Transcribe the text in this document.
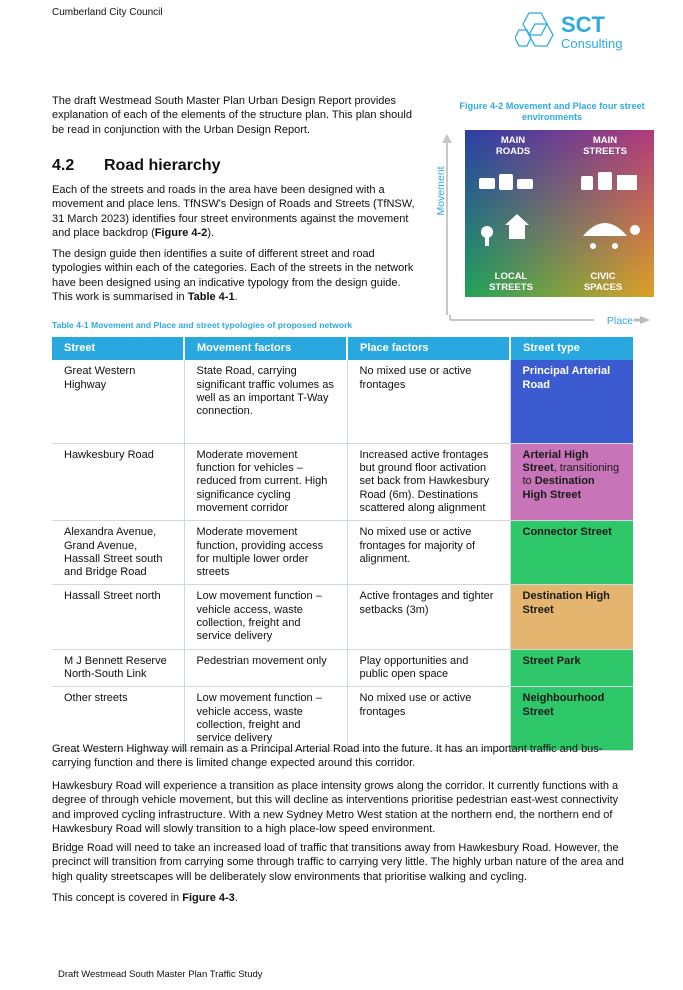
Cumberland City Council	SCT
Consulting

The draft Westmead South Master Plan Urban Design Report provides explanation of each of the elements of the structure plan. This plan should be read in conjunction with the Urban Design Report.

4.2 Road hierarchy

Each of the streets and roads in the area have been designed with a movement and place lens. TfNSW's Design of Roads and Streets (TfNSW, 31 March 2023) identifies four street environments against the movement and place backdrop (Figure 4-2).

The design guide then identifies a suite of different street and road typologies within each of the categories. Each of the streets in the network have been designed using an indicative typology from the design guide. This work is summarised in Table 4-1.

Figure 4-2 Movement and Place four street environments
Movement
Place
MAIN
ROADS
MAIN
STREETS
LOCAL
STREETS
CIVIC
SPACES
Table 4-1 Movement and Place and street typologies of proposed network
Street	Movement factors	Place factors	Street type
Great Western Highway	State Road, carrying significant traffic volumes as well as an important T-Way connection.	No mixed use or active frontages	Principal Arterial Road
Hawkesbury Road	Moderate movement function for vehicles – reduced from current. High significance cycling movement corridor	Increased active frontages but ground floor activation set back from Hawkesbury Road (6m). Destinations scattered along alignment	Arterial High Street, transitioning to Destination High Street
Alexandra Avenue, Grand Avenue, Hassall Street south and Bridge Road	Moderate movement function, providing access for multiple lower order streets	No mixed use or active frontages for majority of alignment.	Connector Street
Hassall Street north	Low movement function – vehicle access, waste collection, freight and service delivery	Active frontages and tighter setbacks (3m)	Destination High Street
M J Bennett Reserve North-South Link	Pedestrian movement only	Play opportunities and public open space	Street Park
Other streets	Low movement function – vehicle access, waste collection, freight and service delivery	No mixed use or active frontages	Neighbourhood Street

Great Western Highway will remain as a Principal Arterial Road into the future. It has an important traffic and bus-carrying function and there is limited change expected around this corridor.

Hawkesbury Road will experience a transition as place intensity grows along the corridor. It currently functions with a degree of through vehicle movement, but this will decline as interventions prioritise pedestrian east-west connectivity and improved cycling infrastructure. With a new Sydney Metro West station at the northern end, the northern end of Hawkesbury Road will slowly transition to a high place-low speed environment.

Bridge Road will need to take an increased load of traffic that transitions away from Hawkesbury Road. However, the precinct will transition from carrying some through traffic to carrying very little. The highly urban nature of the area and high quality streetscapes will be deliberately slow environments that prioritise walking and cycling.

This concept is covered in Figure 4-3.

Draft Westmead South Master Plan Traffic Study
